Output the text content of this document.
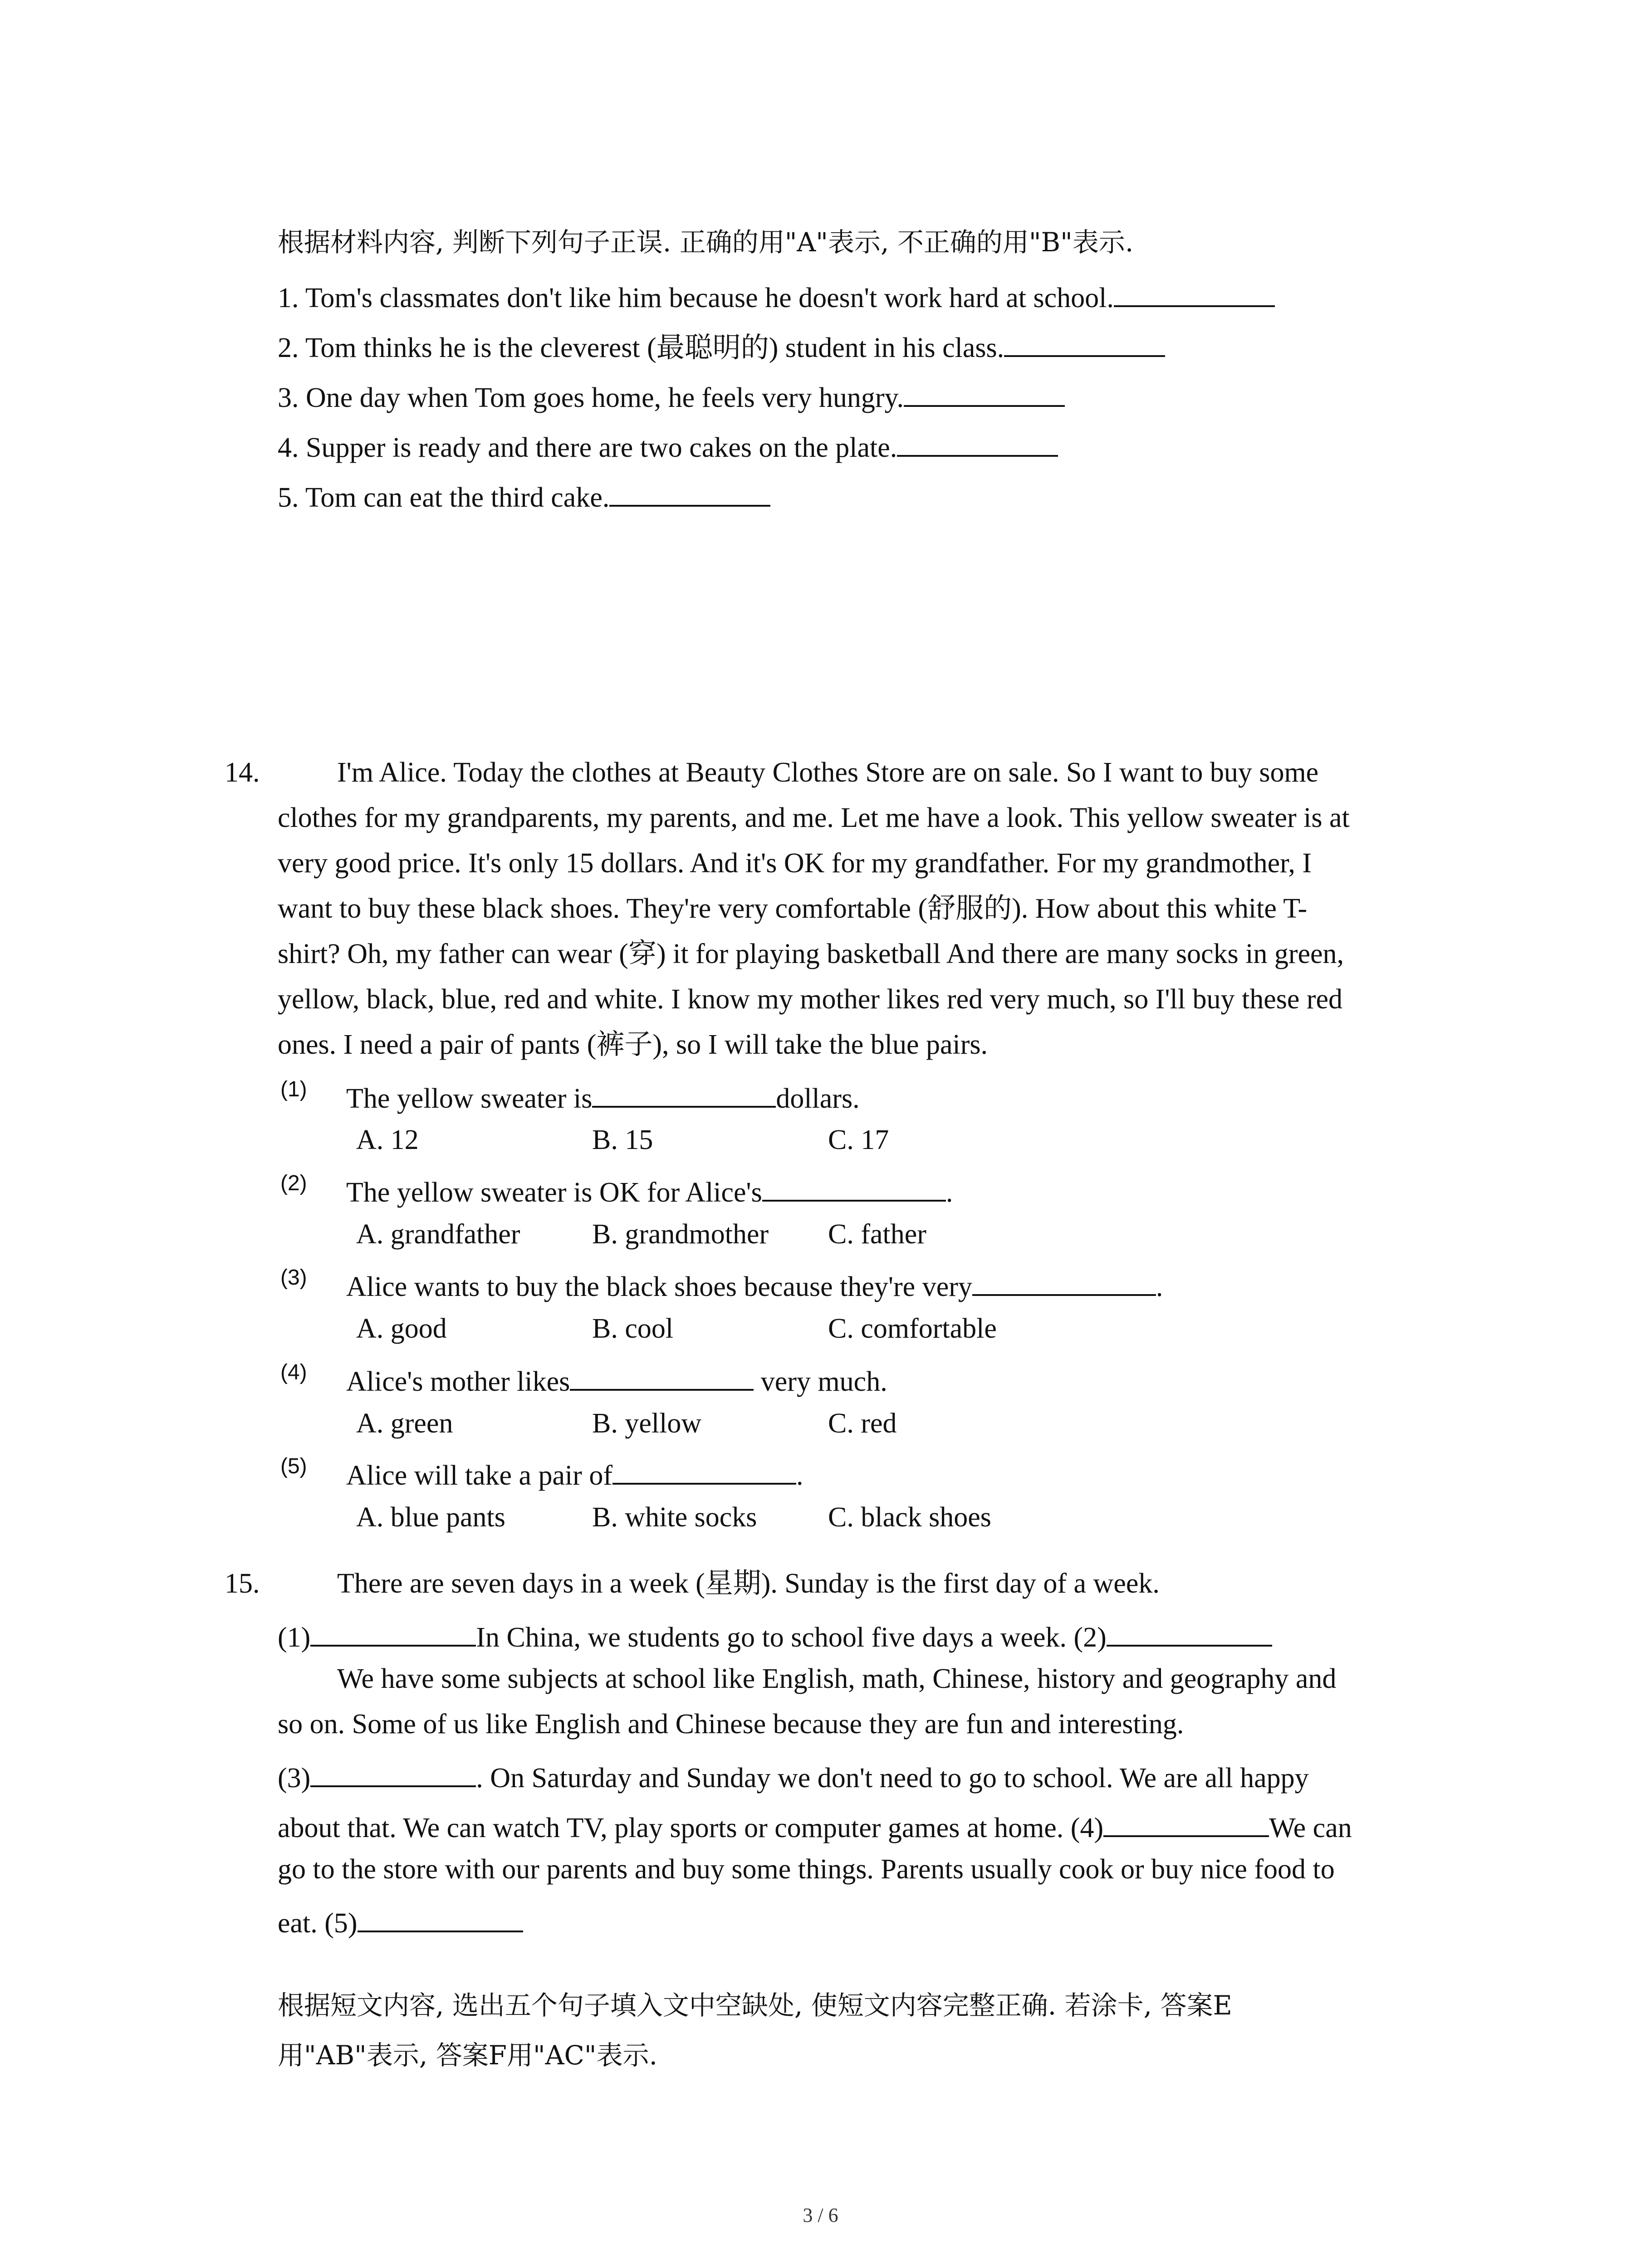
根据材料内容, 判断下列句子正误. 正确的用"A"表示, 不正确的用"B"表示.
1. Tom's classmates don't like him because he doesn't work hard at school.
2. Tom thinks he is the cleverest (最聪明的) student in his class.
3. One day when Tom goes home, he feels very hungry.
4. Supper is ready and there are two cakes on the plate.
5. Tom can eat the third cake.
14.	I'm Alice. Today the clothes at Beauty Clothes Store are on sale. So I want to buy some
clothes for my grandparents, my parents, and me. Let me have a look. This yellow sweater is at
very good price. It's only 15 dollars. And it's OK for my grandfather. For my grandmother, I
want to buy these black shoes. They're very comfortable (舒服的). How about this white T-
shirt? Oh, my father can wear (穿) it for playing basketball And there are many socks in green,
yellow, black, blue, red and white. I know my mother likes red very much, so I'll buy these red
ones. I need a pair of pants (裤子), so I will take the blue pairs.
(1) The yellow sweater is	dollars.
A. 12	B. 15	C. 17
(2) The yellow sweater is OK for Alice's	.
A. grandfather	B. grandmother C. father
(3) Alice wants to buy the black shoes because they're very	.
A. good	B. cool	C. comfortable
(4) Alice's mother likes	very much.
A. green	B. yellow	C. red
(5) Alice will take a pair of	.
A. blue pants	B. white socks	C. black shoes
15.	There are seven days in a week (星期). Sunday is the first day of a week.
(1)	In China, we students go to school five days a week. (2)
We have some subjects at school like English, math, Chinese, history and geography and
so on. Some of us like English and Chinese because they are fun and interesting.
(3)	. On Saturday and Sunday we don't need to go to school. We are all happy
about that. We can watch TV, play sports or computer games at home. (4)	We can
go to the store with our parents and buy some things. Parents usually cook or buy nice food to
eat. (5)
根据短文内容, 选出五个句子填入文中空缺处, 使短文内容完整正确. 若涂卡, 答案E
用"AB"表示, 答案F用"AC"表示.
3 / 6
